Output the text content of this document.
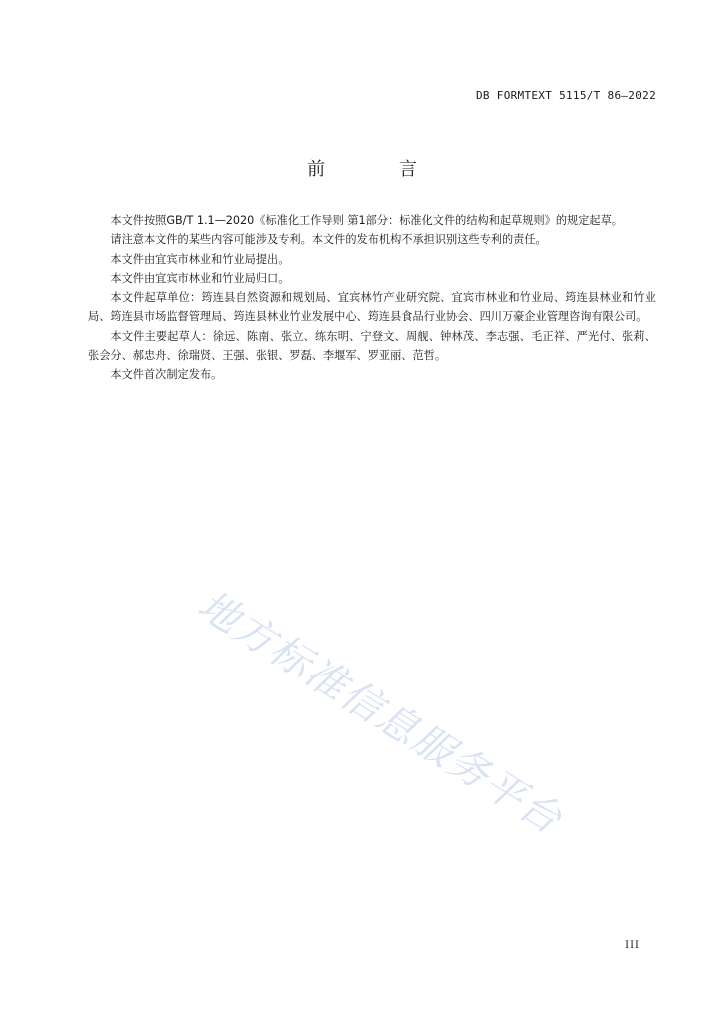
DB FORMTEXT 5115/T 86—2022
前 言

本文件按照GB/T 1.1—2020《标准化工作导则 第1部分：标准化文件的结构和起草规则》的规定起草。

请注意本文件的某些内容可能涉及专利。本文件的发布机构不承担识别这些专利的责任。

本文件由宜宾市林业和竹业局提出。

本文件由宜宾市林业和竹业局归口。

本文件起草单位：筠连县自然资源和规划局、宜宾林竹产业研究院、宜宾市林业和竹业局、筠连县林业和竹业局、筠连县市场监督管理局、筠连县林业竹业发展中心、筠连县食品行业协会、四川万豪企业管理咨询有限公司。

本文件主要起草人：徐远、陈南、张立、练东明、宁登文、周舰、钟林茂、李志强、毛正祥、严光付、张莉、张会分、郝忠舟、徐瑞贤、王强、张银、罗磊、李堰军、罗亚丽、范哲。

本文件首次制定发布。

地方标准信息服务平台
III
